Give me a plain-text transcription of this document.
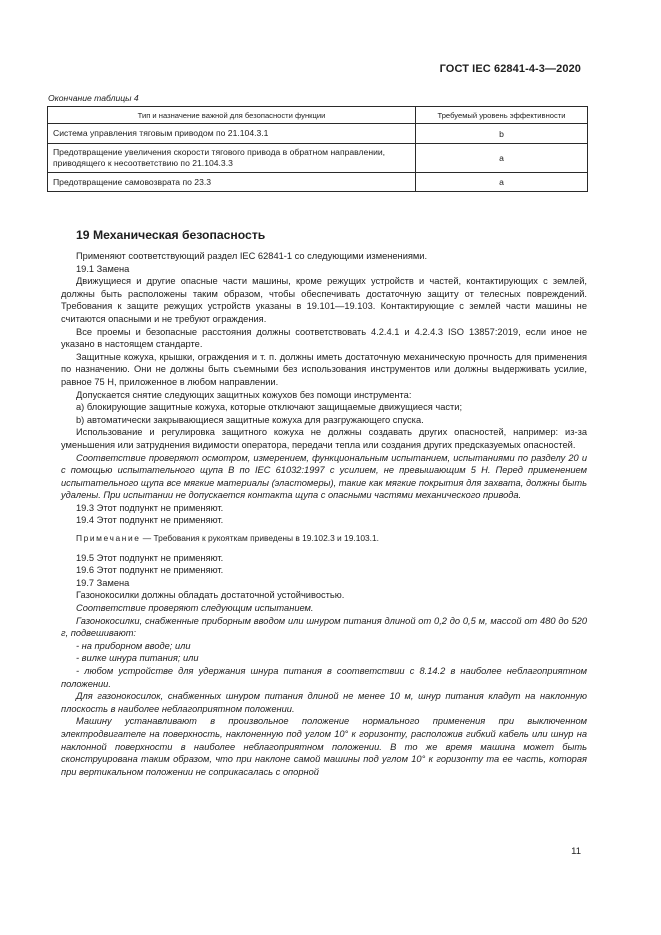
ГОСТ IEC 62841-4-3—2020
Окончание таблицы 4
Тип и назначение важной для безопасности функции	Требуемый уровень эффективности
Система управления тяговым приводом по 21.104.3.1	b
Предотвращение увеличения скорости тягового привода в обратном направлении, приводящего к несоответствию по 21.104.3.3	a
Предотвращение самовозврата по 23.3	a
19 Механическая безопасность

Применяют соответствующий раздел IEC 62841-1 со следующими изменениями.

19.1 Замена

Движущиеся и другие опасные части машины, кроме режущих устройств и частей, контактирующих с землей, должны быть расположены таким образом, чтобы обеспечивать достаточную защиту от телесных повреждений. Требования к защите режущих устройств указаны в 19.101—19.103. Контактирующие с землей части машины не считаются опасными и не требуют ограждения.

Все проемы и безопасные расстояния должны соответствовать 4.2.4.1 и 4.2.4.3 ISO 13857:2019, если иное не указано в настоящем стандарте.

Защитные кожуха, крышки, ограждения и т. п. должны иметь достаточную механическую прочность для применения по назначению. Они не должны быть съемными без использования инструментов или должны выдерживать усилие, равное 75 Н, приложенное в любом направлении.

Допускается снятие следующих защитных кожухов без помощи инструмента:

a) блокирующие защитные кожуха, которые отключают защищаемые движущиеся части;

b) автоматически закрывающиеся защитные кожуха для разгружающего спуска.

Использование и регулировка защитного кожуха не должны создавать других опасностей, например: из-за уменьшения или затруднения видимости оператора, передачи тепла или создания других предсказуемых опасностей.

Соответствие проверяют осмотром, измерением, функциональным испытанием, испытаниями по разделу 20 и с помощью испытательного щупа В по IEC 61032:1997 с усилием, не превышающим 5 Н. Перед применением испытательного щупа все мягкие материалы (эластомеры), такие как мягкие покрытия для захвата, должны быть удалены. При испытании не допускается контакта щупа с опасными частями механического привода.

19.3 Этот подпункт не применяют.

19.4 Этот подпункт не применяют.

Примечание — Требования к рукояткам приведены в 19.102.3 и 19.103.1.

19.5 Этот подпункт не применяют.

19.6 Этот подпункт не применяют.

19.7 Замена

Газонокосилки должны обладать достаточной устойчивостью.

Соответствие проверяют следующим испытанием.

Газонокосилки, снабженные приборным вводом или шнуром питания длиной от 0,2 до 0,5 м, массой от 480 до 520 г, подвешивают:

- на приборном вводе; или

- вилке шнура питания; или

- любом устройстве для удержания шнура питания в соответствии с 8.14.2 в наиболее неблагоприятном положении.

Для газонокосилок, снабженных шнуром питания длиной не менее 10 м, шнур питания кладут на наклонную плоскость в наиболее неблагоприятном положении.

Машину устанавливают в произвольное положение нормального применения при выключенном электродвигателе на поверхность, наклоненную под углом 10° к горизонту, расположив гибкий кабель или шнур на наклонной поверхности в наиболее неблагоприятном положении. В то же время машина может быть сконструирована таким образом, что при наклоне самой машины под углом 10° к горизонту та ее часть, которая при вертикальном положении не соприкасалась с опорной

11
